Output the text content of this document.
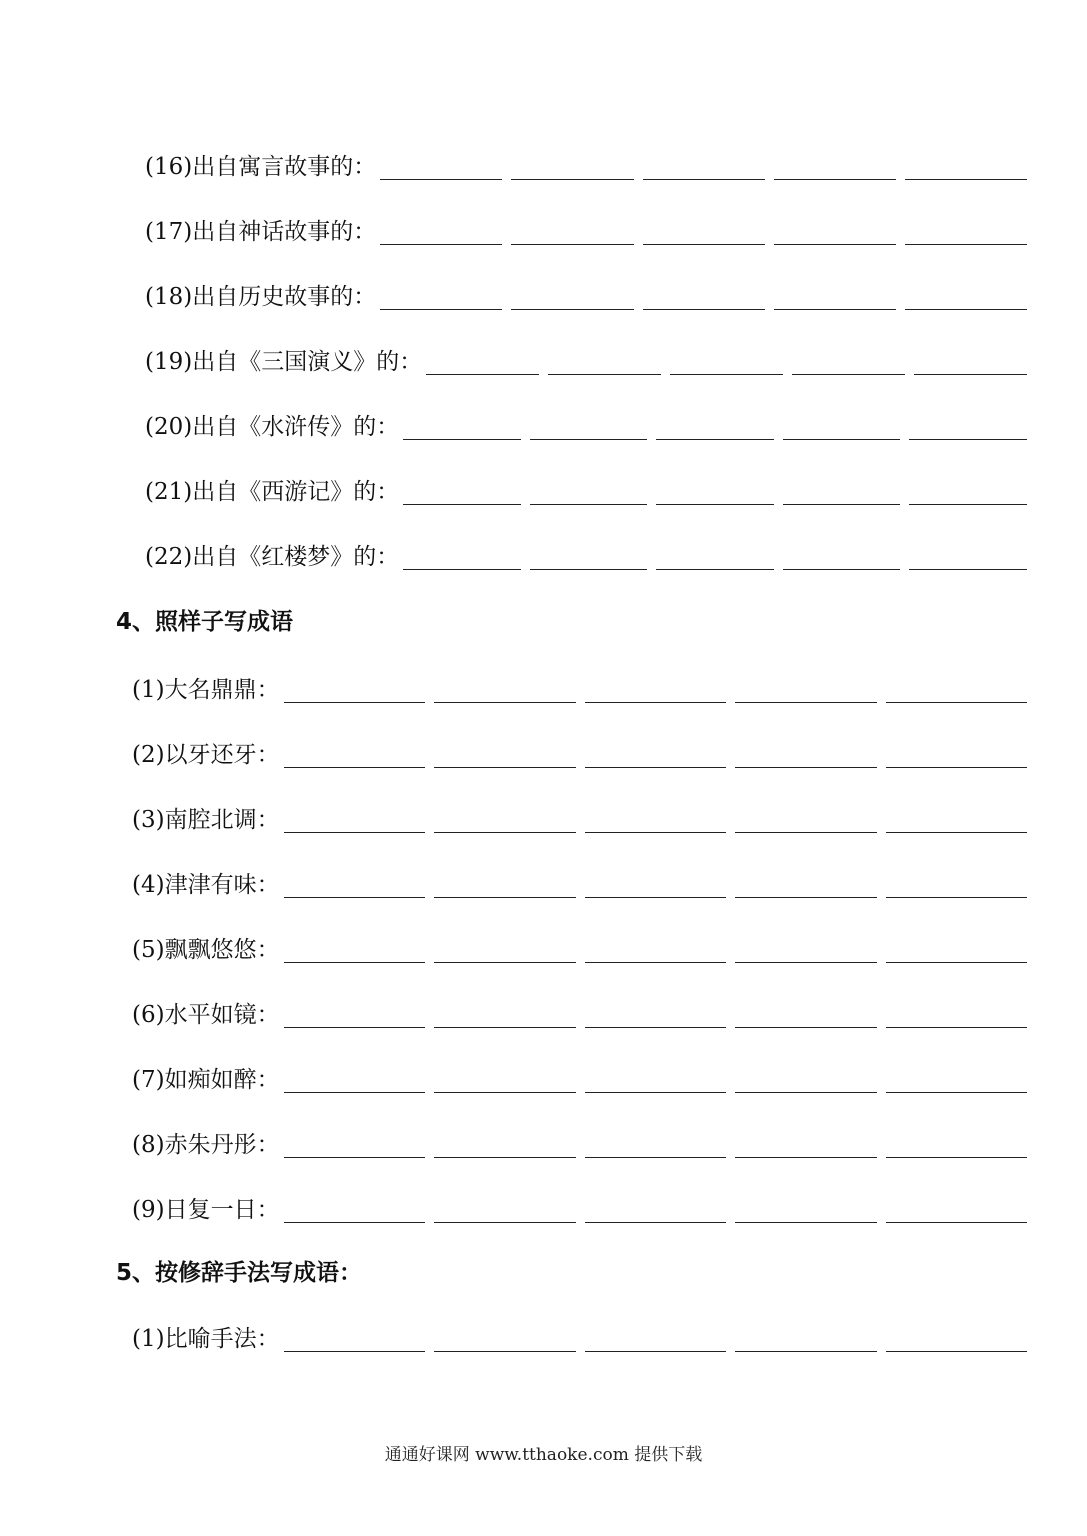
(16)出自寓言故事的：
(17)出自神话故事的：
(18)出自历史故事的：
(19)出自《三国演义》的：
(20)出自《水浒传》的：
(21)出自《西游记》的：
(22)出自《红楼梦》的：
4、照样子写成语
(1)大名鼎鼎：
(2)以牙还牙：
(3)南腔北调：
(4)津津有味：
(5)飘飘悠悠：
(6)水平如镜：
(7)如痴如醉：
(8)赤朱丹彤：
(9)日复一日：
5、按修辞手法写成语：
(1)比喻手法：
通通好课网 www.tthaoke.com 提供下载
